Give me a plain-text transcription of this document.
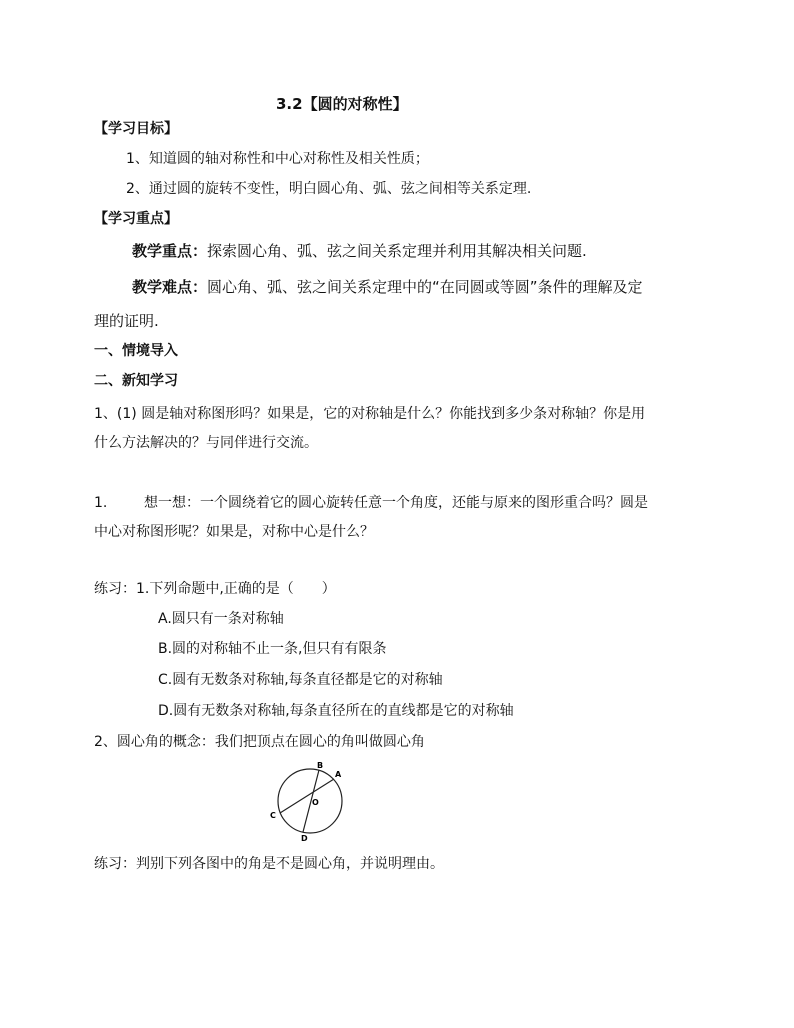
3.2【圆的对称性】
【学习目标】
1、知道圆的轴对称性和中心对称性及相关性质；
2、通过圆的旋转不变性，明白圆心角、弧、弦之间相等关系定理.
【学习重点】
教学重点：探索圆心角、弧、弦之间关系定理并利用其解决相关问题.
教学难点：圆心角、弧、弦之间关系定理中的“在同圆或等圆”条件的理解及定
理的证明.
一、情境导入
二、新知学习
1、(1) 圆是轴对称图形吗？如果是，它的对称轴是什么？你能找到多少条对称轴？你是用
什么方法解决的？与同伴进行交流。
1.	想一想：一个圆绕着它的圆心旋转任意一个角度，还能与原来的图形重合吗？圆是
中心对称图形呢？如果是，对称中心是什么？
练习：1.下列命题中,正确的是（　　）
A.圆只有一条对称轴
B.圆的对称轴不止一条,但只有有限条
C.圆有无数条对称轴,每条直径都是它的对称轴
D.圆有无数条对称轴,每条直径所在的直线都是它的对称轴
2、圆心角的概念：我们把顶点在圆心的角叫做圆心角
B
A
O
C
D
练习：判别下列各图中的角是不是圆心角，并说明理由。
